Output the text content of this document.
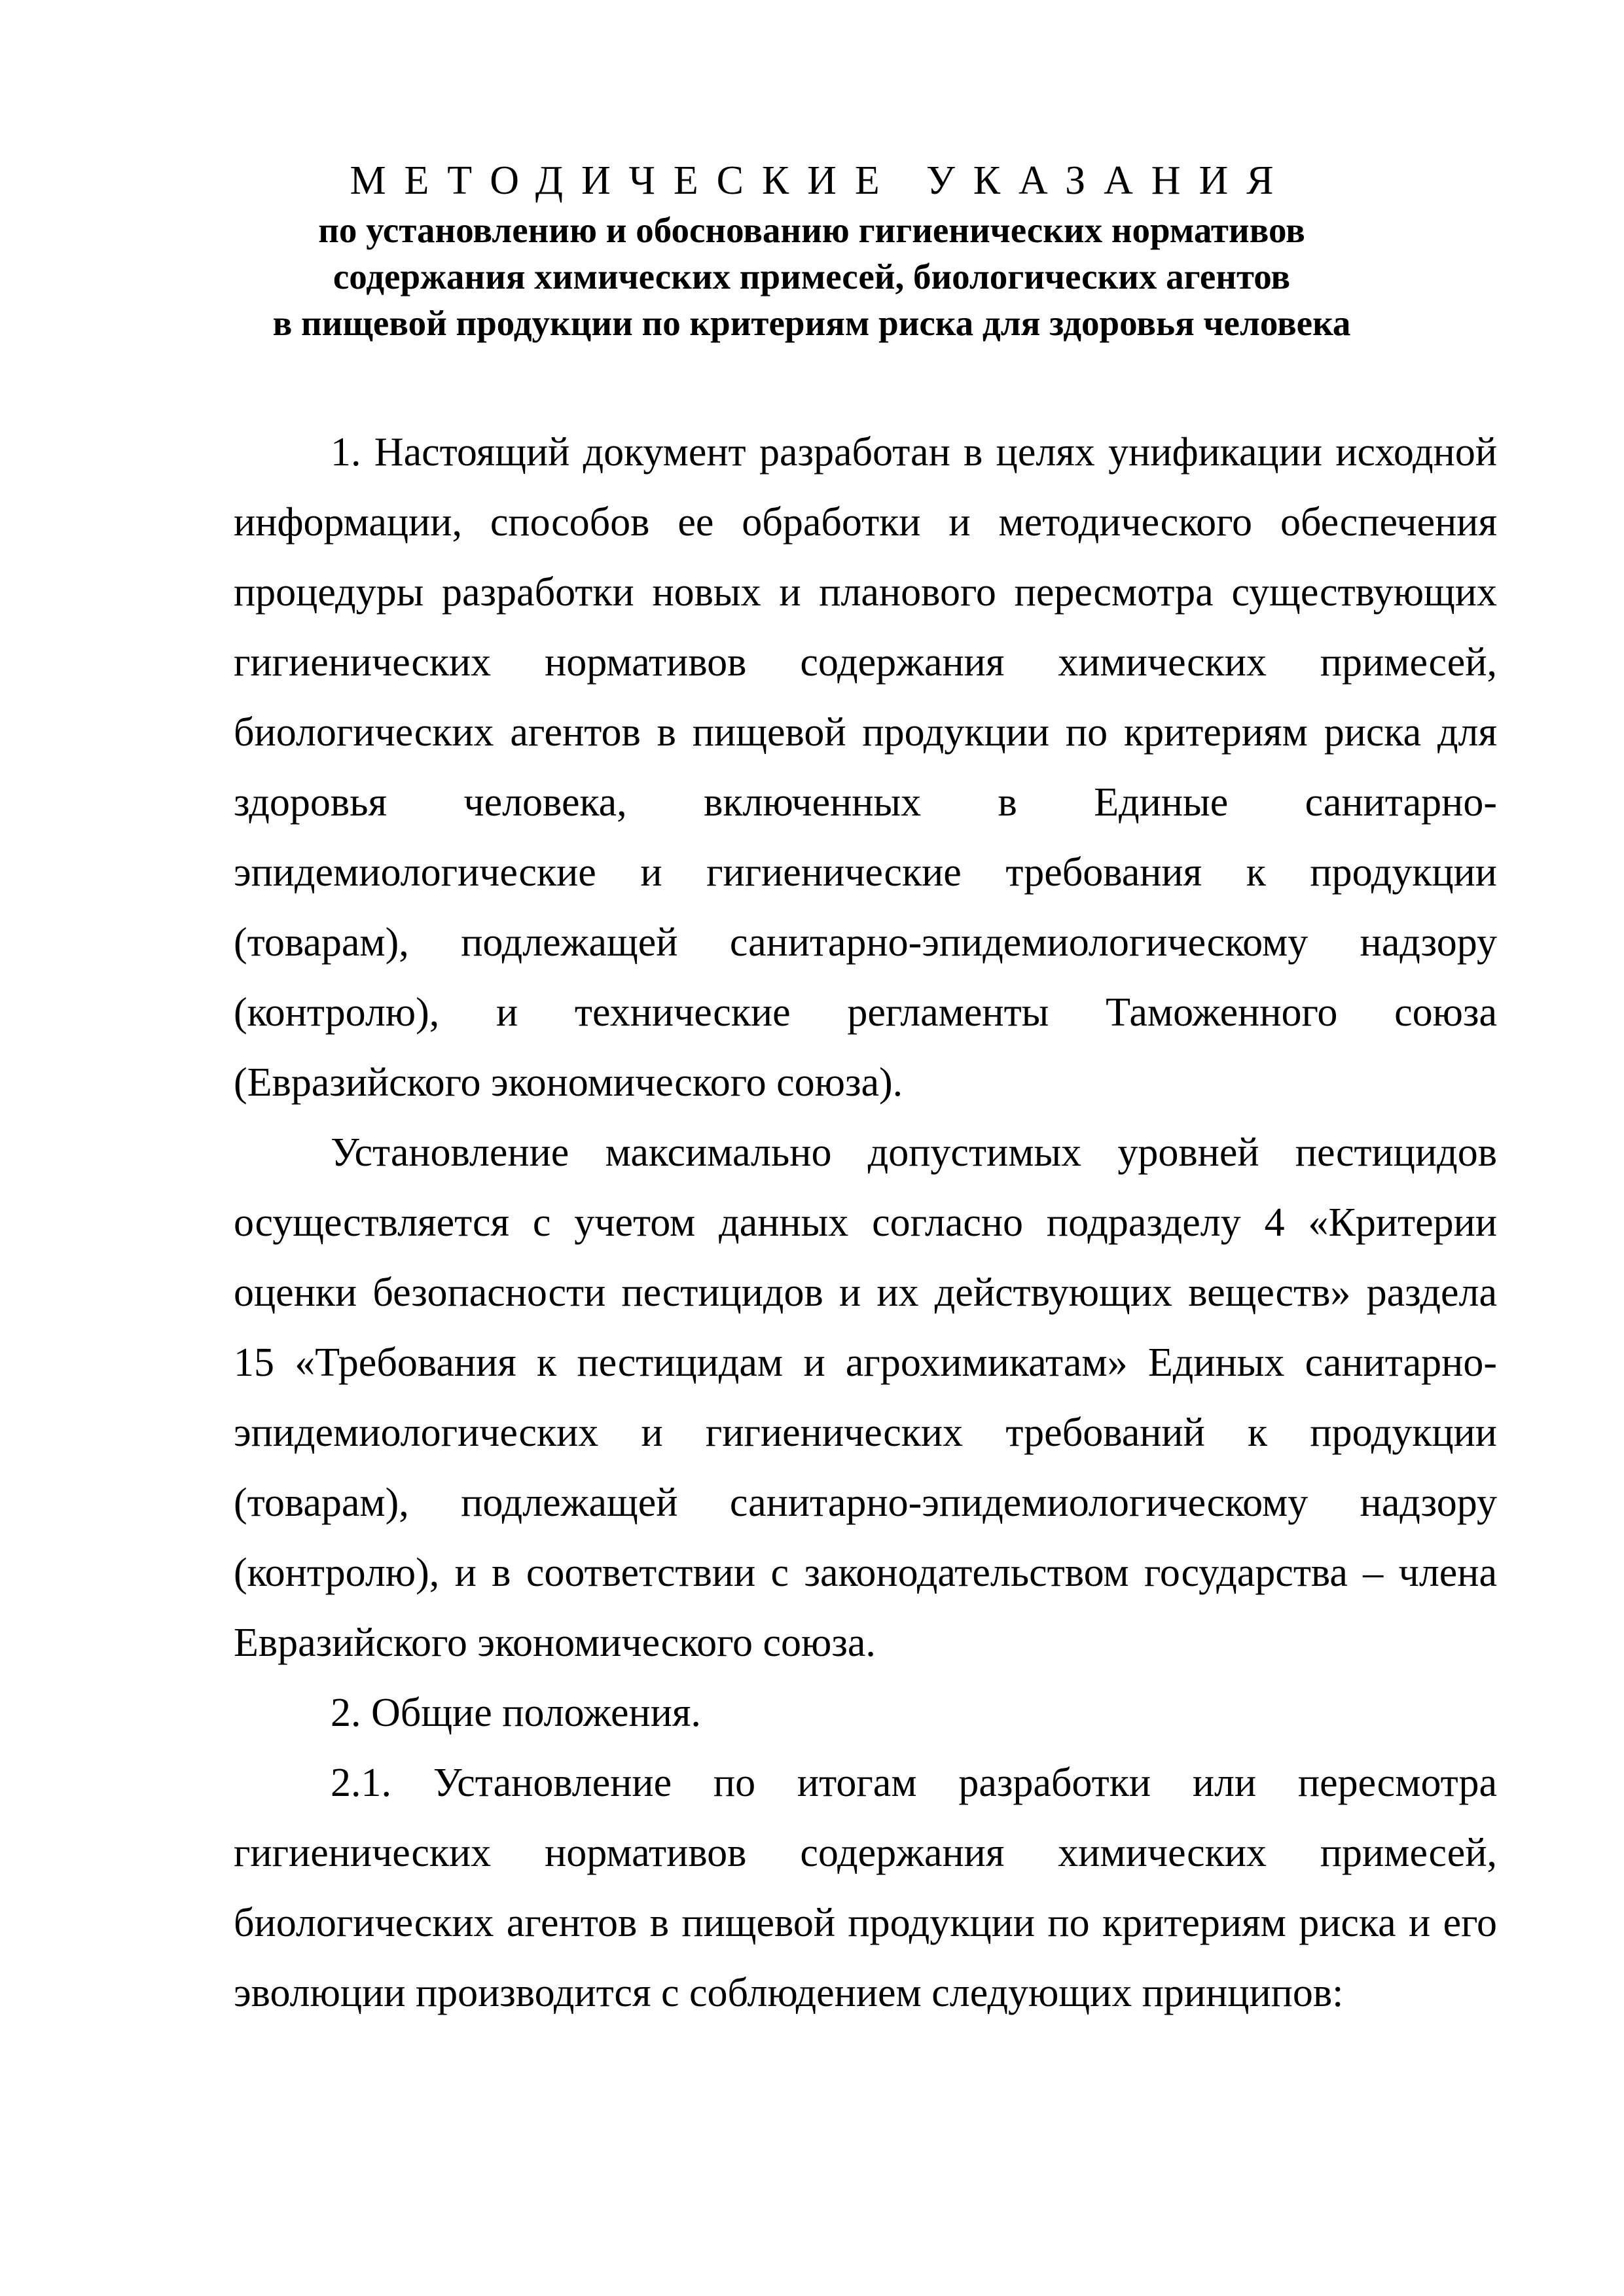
МЕТОДИЧЕСКИЕ УКАЗАНИЯ
по установлению и обоснованию гигиенических нормативов
содержания химических примесей, биологических агентов
в пищевой продукции по критериям риска для здоровья человека
1. Настоящий документ разработан в целях унификации исходной
информации, способов ее обработки и методического обеспечения
процедуры разработки новых и планового пересмотра существующих
гигиенических нормативов содержания химических примесей,
биологических агентов в пищевой продукции по критериям риска для
здоровья человека, включенных в Единые санитарно-
эпидемиологические и гигиенические требования к продукции
(товарам), подлежащей санитарно-эпидемиологическому надзору
(контролю), и технические регламенты Таможенного союза
(Евразийского экономического союза).
Установление максимально допустимых уровней пестицидов
осуществляется с учетом данных согласно подразделу 4 «Критерии
оценки безопасности пестицидов и их действующих веществ» раздела
15 «Требования к пестицидам и агрохимикатам» Единых санитарно-
эпидемиологических и гигиенических требований к продукции
(товарам), подлежащей санитарно-эпидемиологическому надзору
(контролю), и в соответствии с законодательством государства – члена
Евразийского экономического союза.
2. Общие положения.
2.1. Установление по итогам разработки или пересмотра
гигиенических нормативов содержания химических примесей,
биологических агентов в пищевой продукции по критериям риска и его
эволюции производится с соблюдением следующих принципов:
